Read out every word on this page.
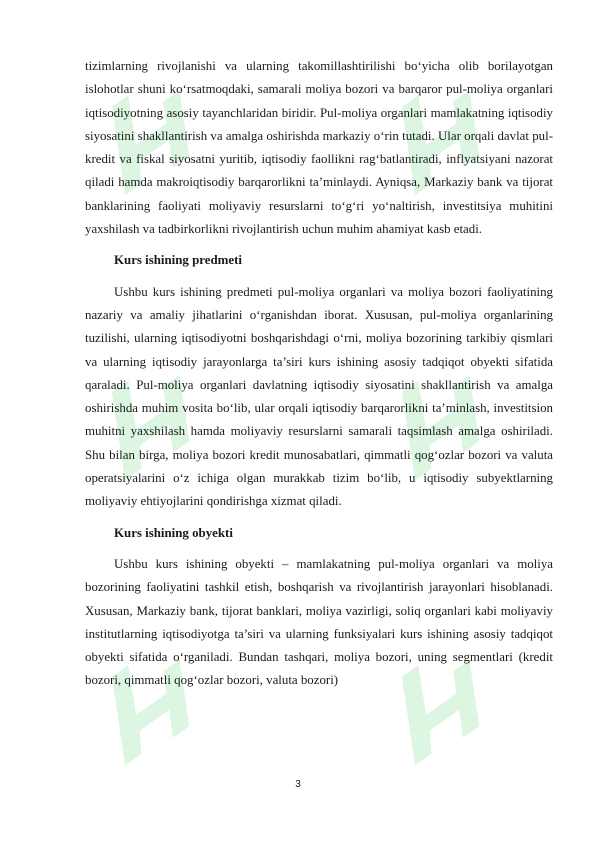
tizimlarning rivojlanishi va ularning takomillashtirilishi bo‘yicha olib borilayotgan islohotlar shuni ko‘rsatmoqdaki, samarali moliya bozori va barqaror pul-moliya organlari iqtisodiyotning asosiy tayanchlaridan biridir. Pul-moliya organlari mamlakatning iqtisodiy siyosatini shakllantirish va amalga oshirishda markaziy o‘rin tutadi. Ular orqali davlat pul-kredit va fiskal siyosatni yuritib, iqtisodiy faollikni rag‘batlantiradi, inflyatsiyani nazorat qiladi hamda makroiqtisodiy barqarorlikni ta’minlaydi. Ayniqsa, Markaziy bank va tijorat banklarining faoliyati moliyaviy resurslarni to‘g‘ri yo‘naltirish, investitsiya muhitini yaxshilash va tadbirkorlikni rivojlantirish uchun muhim ahamiyat kasb etadi.

Kurs ishining predmeti

Ushbu kurs ishining predmeti pul-moliya organlari va moliya bozori faoliyatining nazariy va amaliy jihatlarini o‘rganishdan iborat. Xususan, pul-moliya organlarining tuzilishi, ularning iqtisodiyotni boshqarishdagi o‘rni, moliya bozorining tarkibiy qismlari va ularning iqtisodiy jarayonlarga ta’siri kurs ishining asosiy tadqiqot obyekti sifatida qaraladi. Pul-moliya organlari davlatning iqtisodiy siyosatini shakllantirish va amalga oshirishda muhim vosita bo‘lib, ular orqali iqtisodiy barqarorlikni ta’minlash, investitsion muhitni yaxshilash hamda moliyaviy resurslarni samarali taqsimlash amalga oshiriladi. Shu bilan birga, moliya bozori kredit munosabatlari, qimmatli qog‘ozlar bozori va valuta operatsiyalarini o‘z ichiga olgan murakkab tizim bo‘lib, u iqtisodiy subyektlarning moliyaviy ehtiyojlarini qondirishga xizmat qiladi.

Kurs ishining obyekti

Ushbu kurs ishining obyekti – mamlakatning pul-moliya organlari va moliya bozorining faoliyatini tashkil etish, boshqarish va rivojlantirish jarayonlari hisoblanadi. Xususan, Markaziy bank, tijorat banklari, moliya vazirligi, soliq organlari kabi moliyaviy institutlarning iqtisodiyotga ta’siri va ularning funksiyalari kurs ishining asosiy tadqiqot obyekti sifatida o‘rganiladi. Bundan tashqari, moliya bozori, uning segmentlari (kredit bozori, qimmatli qog‘ozlar bozori, valuta bozori)

3
